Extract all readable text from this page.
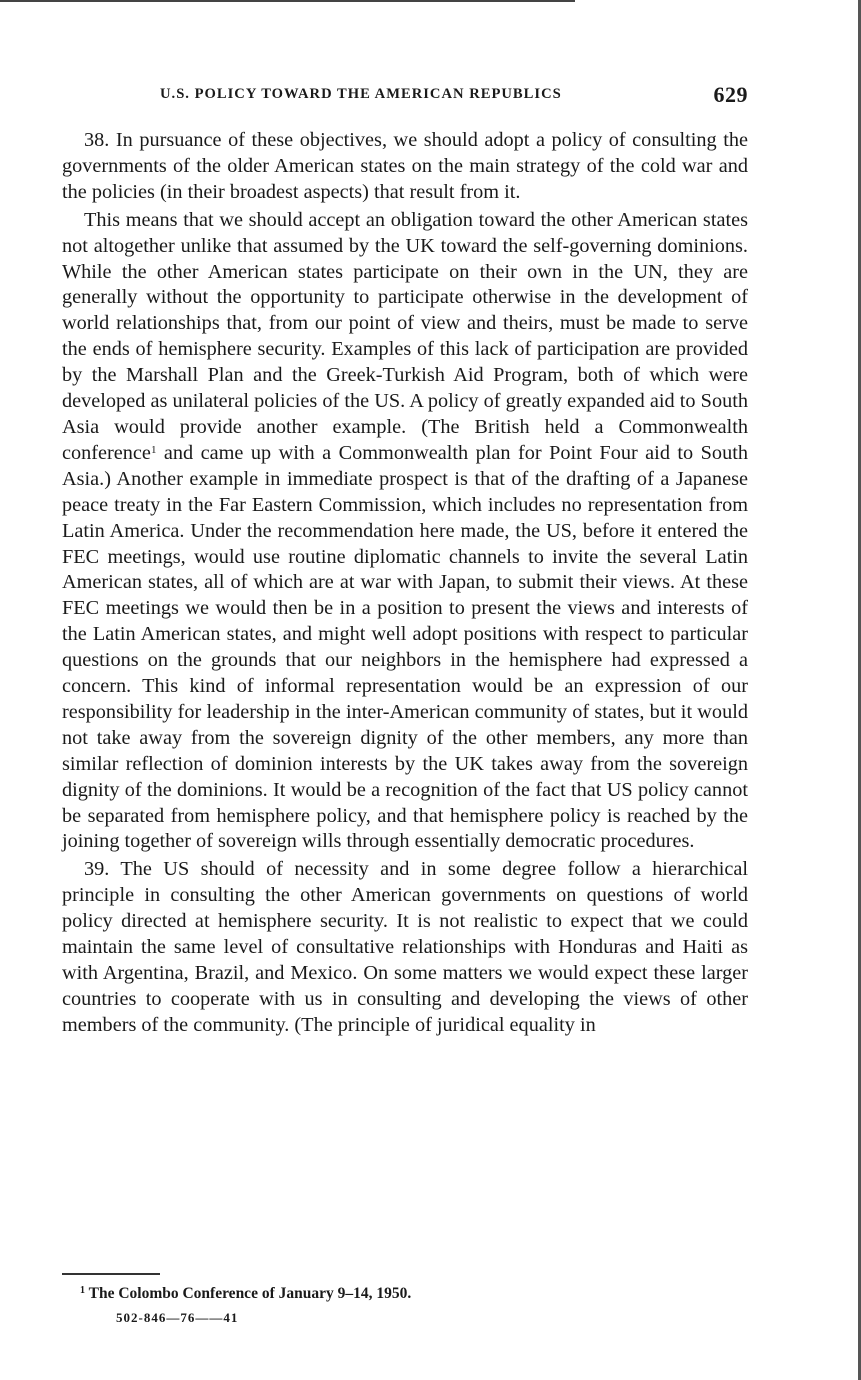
U.S. POLICY TOWARD THE AMERICAN REPUBLICS	629

38. In pursuance of these objectives, we should adopt a policy of consulting the governments of the older American states on the main strategy of the cold war and the policies (in their broadest aspects) that result from it.

This means that we should accept an obligation toward the other American states not altogether unlike that assumed by the UK toward the self-governing dominions. While the other American states participate on their own in the UN, they are generally without the opportunity to participate otherwise in the development of world relationships that, from our point of view and theirs, must be made to serve the ends of hemisphere security. Examples of this lack of participation are provided by the Marshall Plan and the Greek-Turkish Aid Program, both of which were developed as unilateral policies of the US. A policy of greatly expanded aid to South Asia would provide another example. (The British held a Commonwealth conference$^1$ and came up with a Commonwealth plan for Point Four aid to South Asia.) Another example in immediate prospect is that of the drafting of a Japanese peace treaty in the Far Eastern Commission, which includes no representation from Latin America. Under the recommendation here made, the US, before it entered the FEC meetings, would use routine diplomatic channels to invite the several Latin American states, all of which are at war with Japan, to submit their views. At these FEC meetings we would then be in a position to present the views and interests of the Latin American states, and might well adopt positions with respect to particular questions on the grounds that our neighbors in the hemisphere had expressed a concern. This kind of informal representation would be an expression of our responsibility for leadership in the inter-American community of states, but it would not take away from the sovereign dignity of the other members, any more than similar reflection of dominion interests by the UK takes away from the sovereign dignity of the dominions. It would be a recognition of the fact that US policy cannot be separated from hemisphere policy, and that hemisphere policy is reached by the joining together of sovereign wills through essentially democratic procedures.

39. The US should of necessity and in some degree follow a hierarchical principle in consulting the other American governments on questions of world policy directed at hemisphere security. It is not realistic to expect that we could maintain the same level of consultative relationships with Honduras and Haiti as with Argentina, Brazil, and Mexico. On some matters we would expect these larger countries to cooperate with us in consulting and developing the views of other members of the community. (The principle of juridical equality in

$^1$ The Colombo Conference of January 9–14, 1950.
502-846—76——41
